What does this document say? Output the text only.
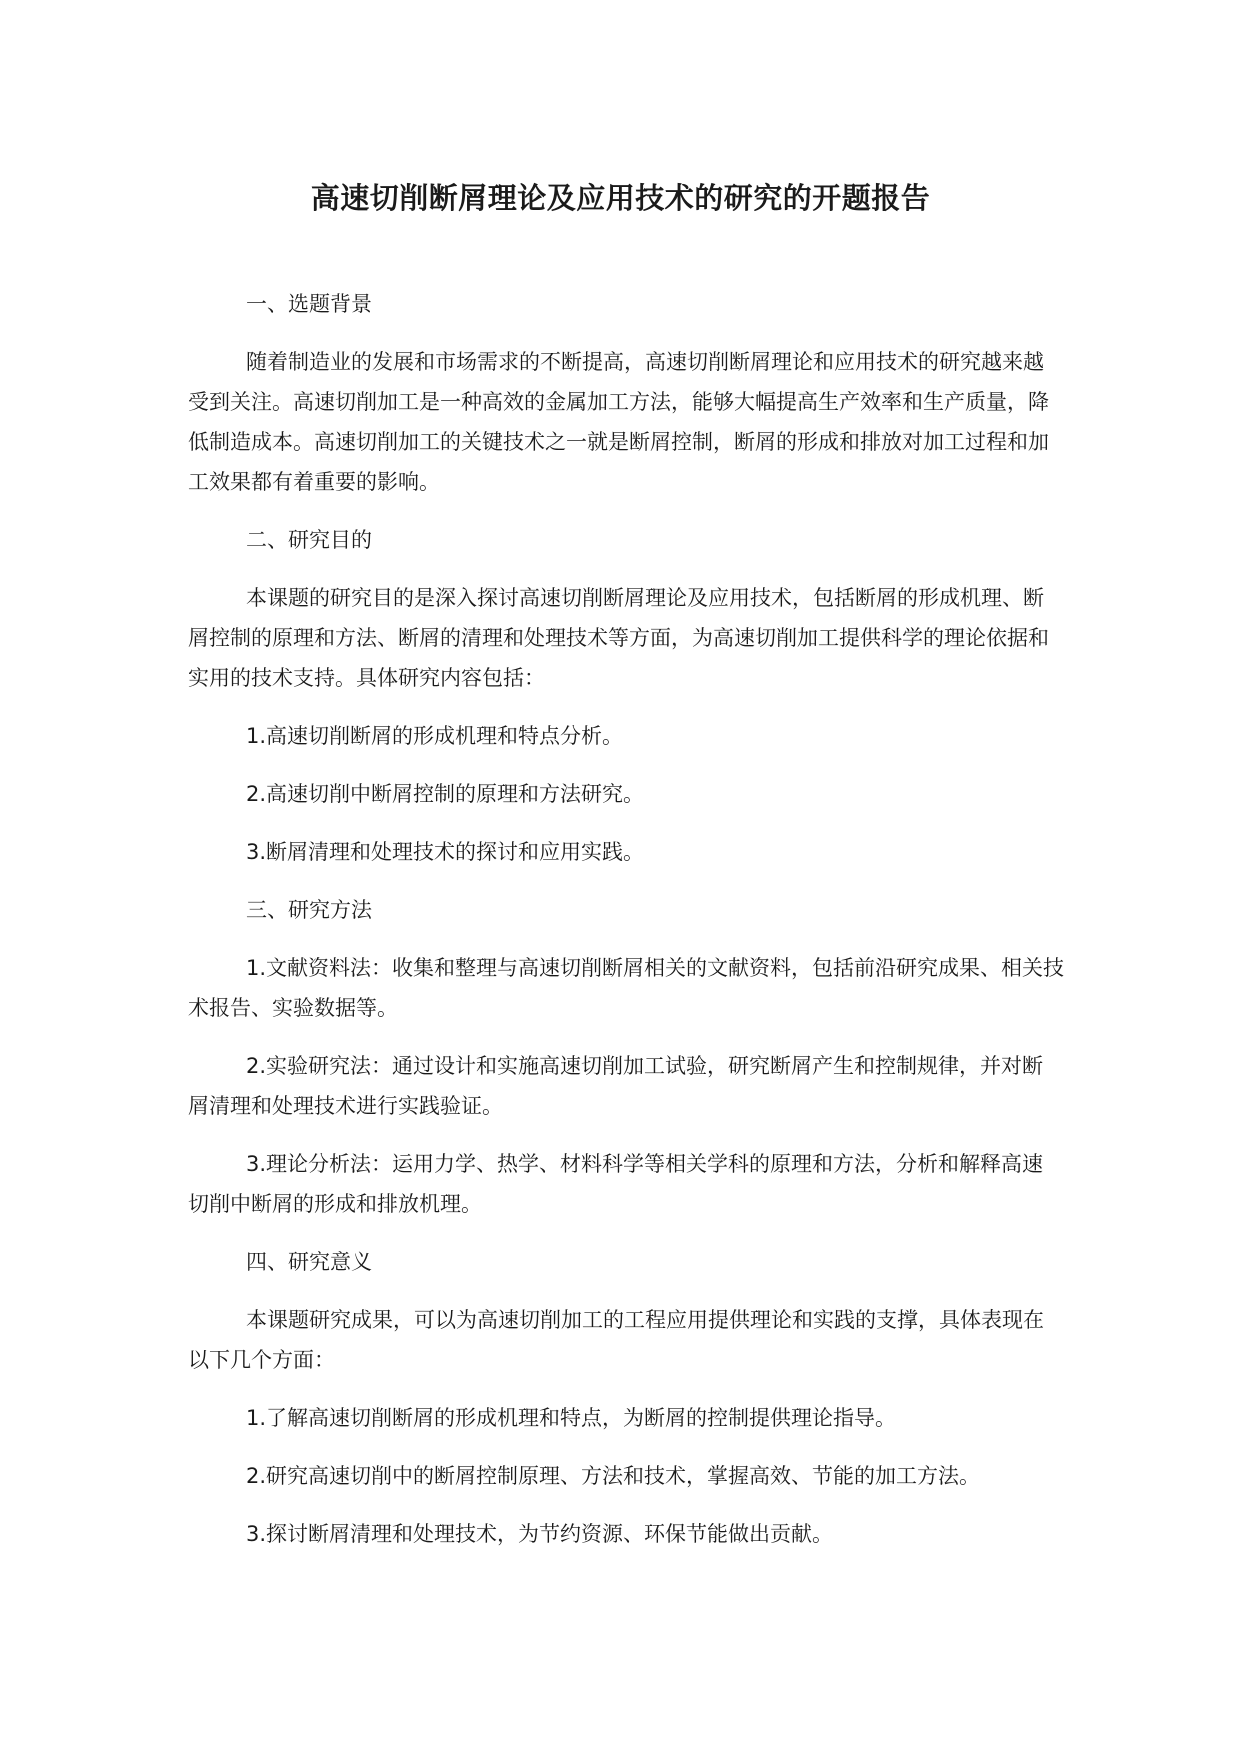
高速切削断屑理论及应用技术的研究的开题报告

一、选题背景

随着制造业的发展和市场需求的不断提高，高速切削断屑理论和应用技术的研究越来越受到关注。高速切削加工是一种高效的金属加工方法，能够大幅提高生产效率和生产质量，降低制造成本。高速切削加工的关键技术之一就是断屑控制，断屑的形成和排放对加工过程和加工效果都有着重要的影响。

二、研究目的

本课题的研究目的是深入探讨高速切削断屑理论及应用技术，包括断屑的形成机理、断屑控制的原理和方法、断屑的清理和处理技术等方面，为高速切削加工提供科学的理论依据和实用的技术支持。具体研究内容包括：

1.高速切削断屑的形成机理和特点分析。

2.高速切削中断屑控制的原理和方法研究。

3.断屑清理和处理技术的探讨和应用实践。

三、研究方法

1.文献资料法：收集和整理与高速切削断屑相关的文献资料，包括前沿研究成果、相关技术报告、实验数据等。

2.实验研究法：通过设计和实施高速切削加工试验，研究断屑产生和控制规律，并对断屑清理和处理技术进行实践验证。

3.理论分析法：运用力学、热学、材料科学等相关学科的原理和方法，分析和解释高速切削中断屑的形成和排放机理。

四、研究意义

本课题研究成果，可以为高速切削加工的工程应用提供理论和实践的支撑，具体表现在以下几个方面：

1.了解高速切削断屑的形成机理和特点，为断屑的控制提供理论指导。

2.研究高速切削中的断屑控制原理、方法和技术，掌握高效、节能的加工方法。

3.探讨断屑清理和处理技术，为节约资源、环保节能做出贡献。
